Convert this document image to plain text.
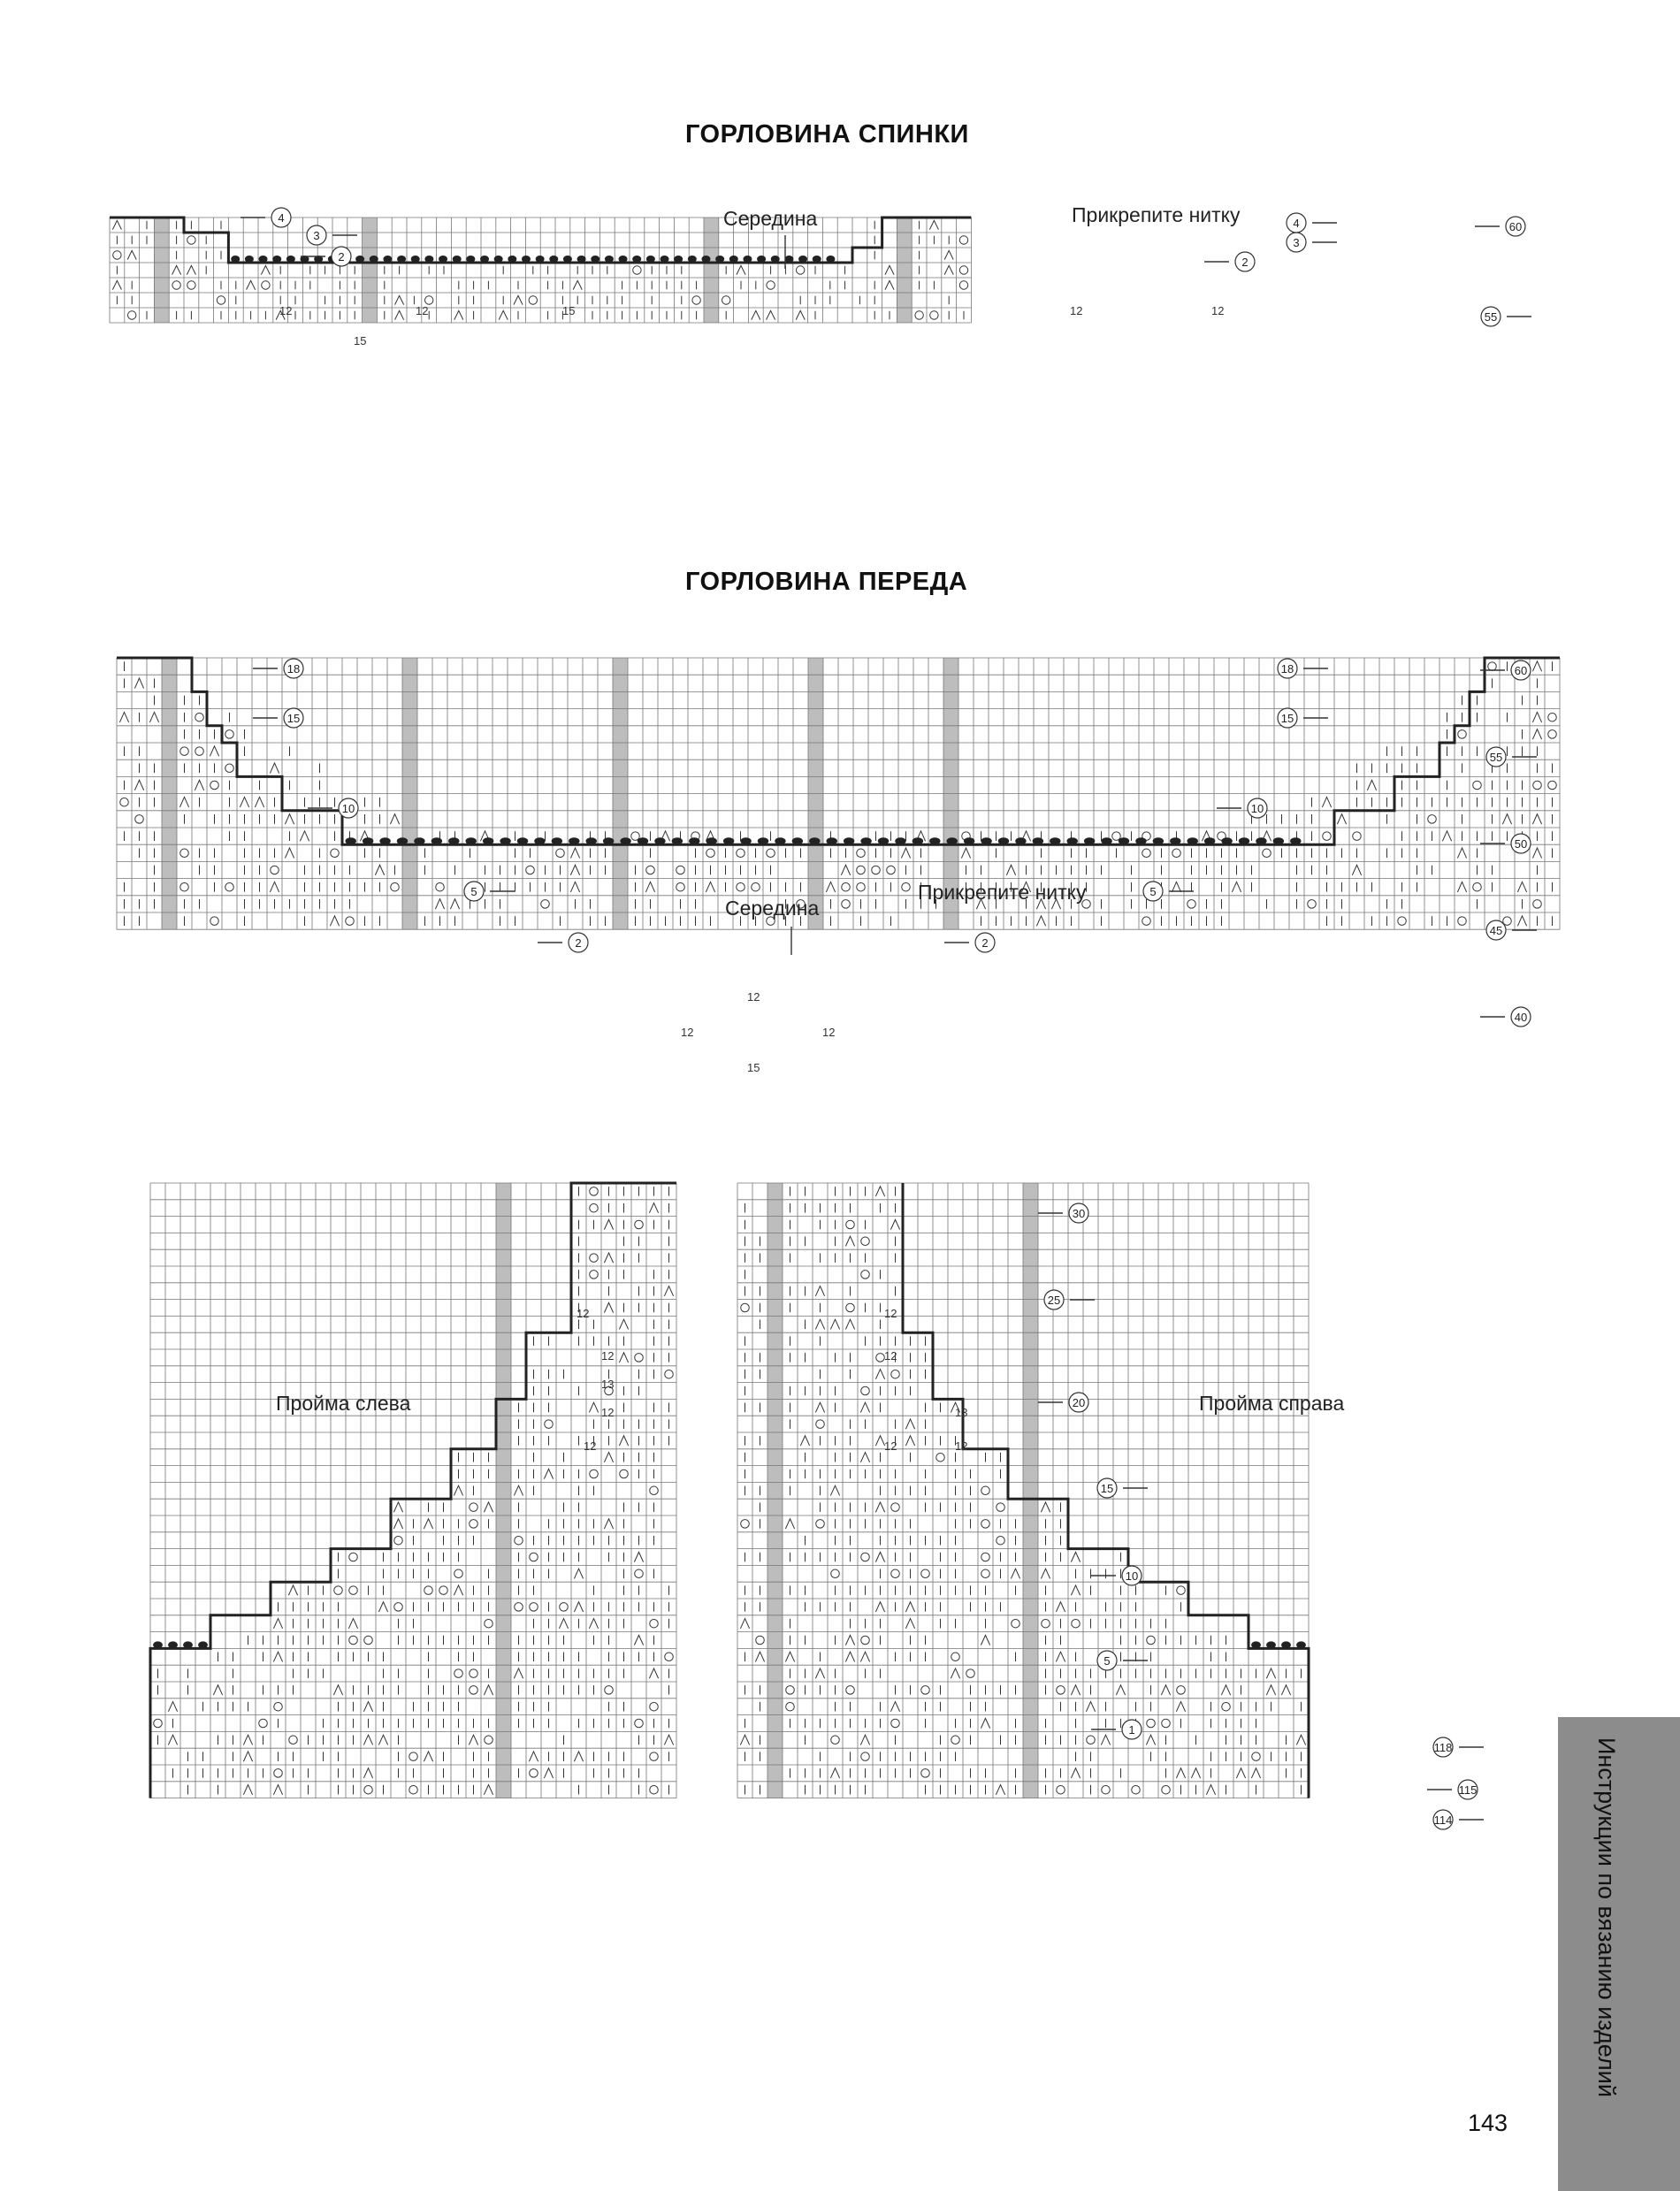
ГОРЛОВИНА СПИНКИ
ГОРЛОВИНА ПЕРЕДА
4
3
2	2
3
4	60
55
12	12	15	12	12
15
18
15
10
5
2	2
5
10
15
18	60
55
50
45
40
12
12	12
15
30
25
20
15
10
5
1
118
115
114
12
12
13
12
12
12
12
13
12	12
Середина	Прикрепите нитку
Середина
Прикрепите нитку
Пройма слева	Пройма справа
Инструкции по вязанию изделий
143
